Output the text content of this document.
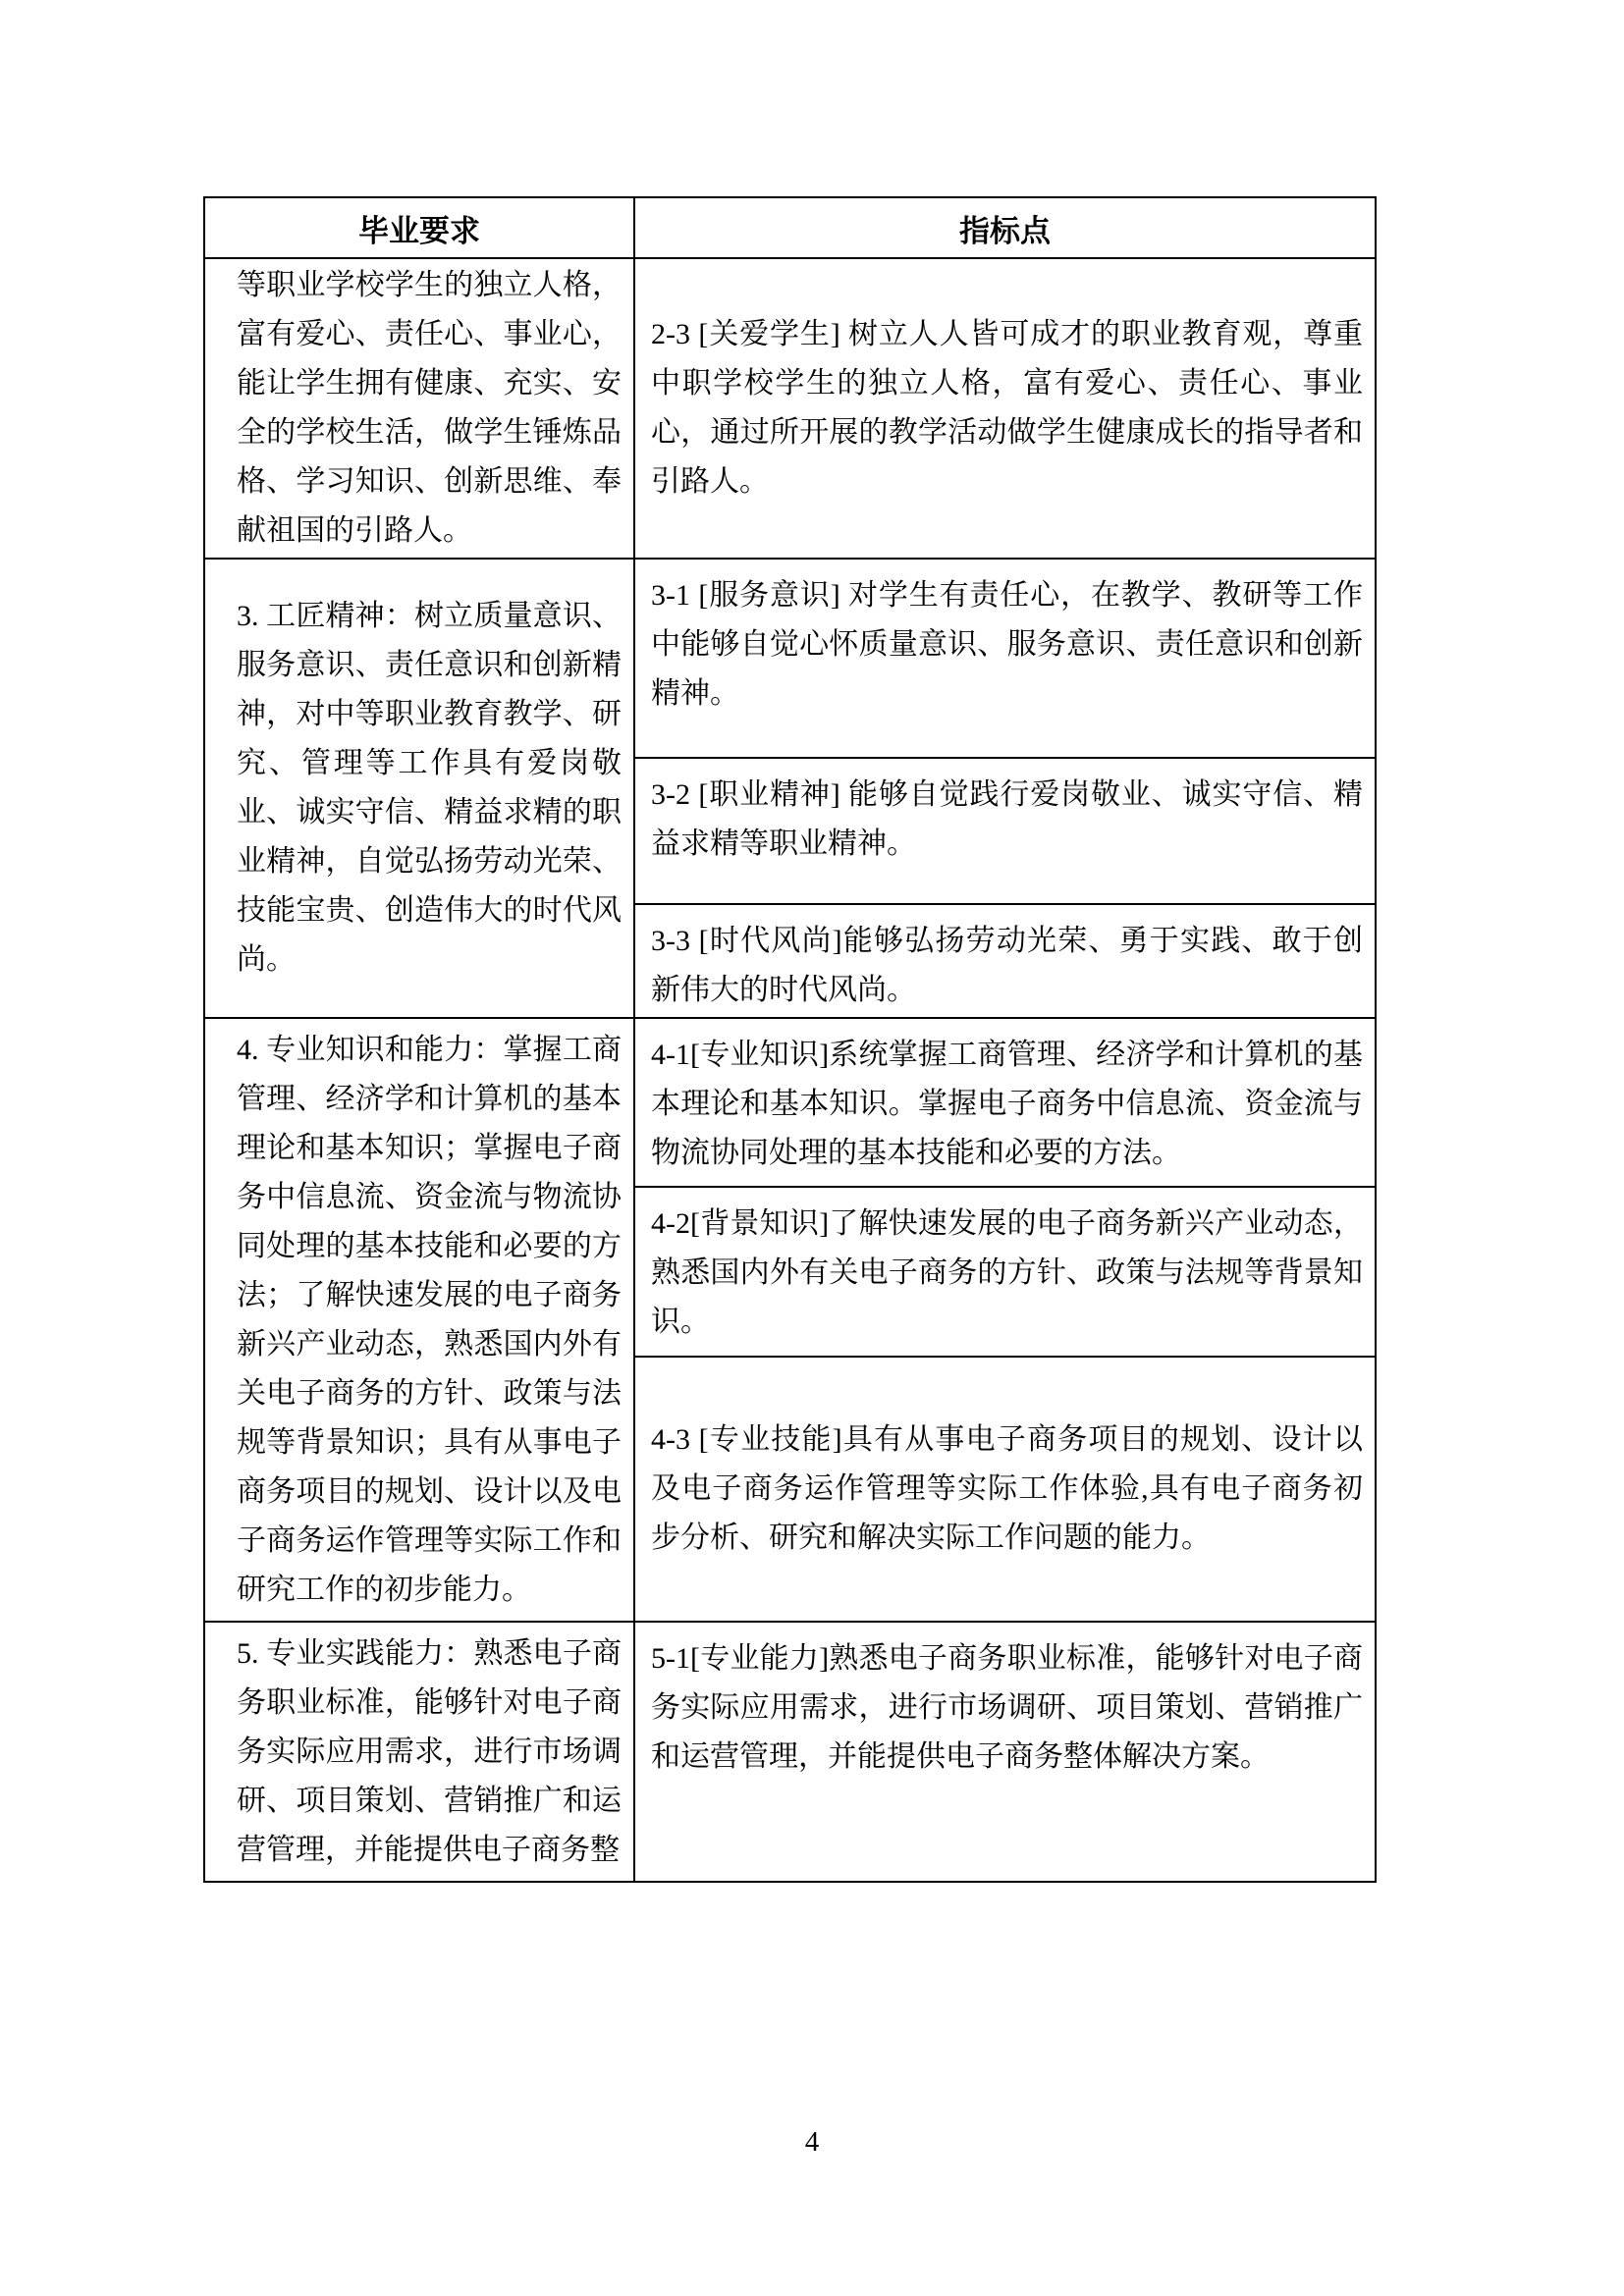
毕业要求	指标点
等职业学校学生的独立人格，富有爱心、责任心、事业心，能让学生拥有健康、充实、安全的学校生活，做学生锤炼品格、学习知识、创新思维、奉献祖国的引路人。	2-3 [关爱学生] 树立人人皆可成才的职业教育观，尊重中职学校学生的独立人格，富有爱心、责任心、事业心，通过所开展的教学活动做学生健康成长的指导者和引路人。
3. 工匠精神：树立质量意识、服务意识、责任意识和创新精神，对中等职业教育教学、研究、管理等工作具有爱岗敬业、诚实守信、精益求精的职业精神，自觉弘扬劳动光荣、技能宝贵、创造伟大的时代风尚。	3-1 [服务意识] 对学生有责任心，在教学、教研等工作中能够自觉心怀质量意识、服务意识、责任意识和创新精神。
	3-2 [职业精神] 能够自觉践行爱岗敬业、诚实守信、精益求精等职业精神。
	3-3 [时代风尚]能够弘扬劳动光荣、勇于实践、敢于创新伟大的时代风尚。
4. 专业知识和能力：掌握工商管理、经济学和计算机的基本理论和基本知识；掌握电子商务中信息流、资金流与物流协同处理的基本技能和必要的方法；了解快速发展的电子商务新兴产业动态，熟悉国内外有关电子商务的方针、政策与法规等背景知识；具有从事电子商务项目的规划、设计以及电子商务运作管理等实际工作和研究工作的初步能力。	4-1[专业知识]系统掌握工商管理、经济学和计算机的基本理论和基本知识。掌握电子商务中信息流、资金流与物流协同处理的基本技能和必要的方法。
	4-2[背景知识]了解快速发展的电子商务新兴产业动态，熟悉国内外有关电子商务的方针、政策与法规等背景知识。
	4-3 [专业技能]具有从事电子商务项目的规划、设计以及电子商务运作管理等实际工作体验,具有电子商务初步分析、研究和解决实际工作问题的能力。
5. 专业实践能力：熟悉电子商务职业标准，能够针对电子商务实际应用需求，进行市场调研、项目策划、营销推广和运营管理，并能提供电子商务整	5-1[专业能力]熟悉电子商务职业标准，能够针对电子商务实际应用需求，进行市场调研、项目策划、营销推广和运营管理，并能提供电子商务整体解决方案。
4
